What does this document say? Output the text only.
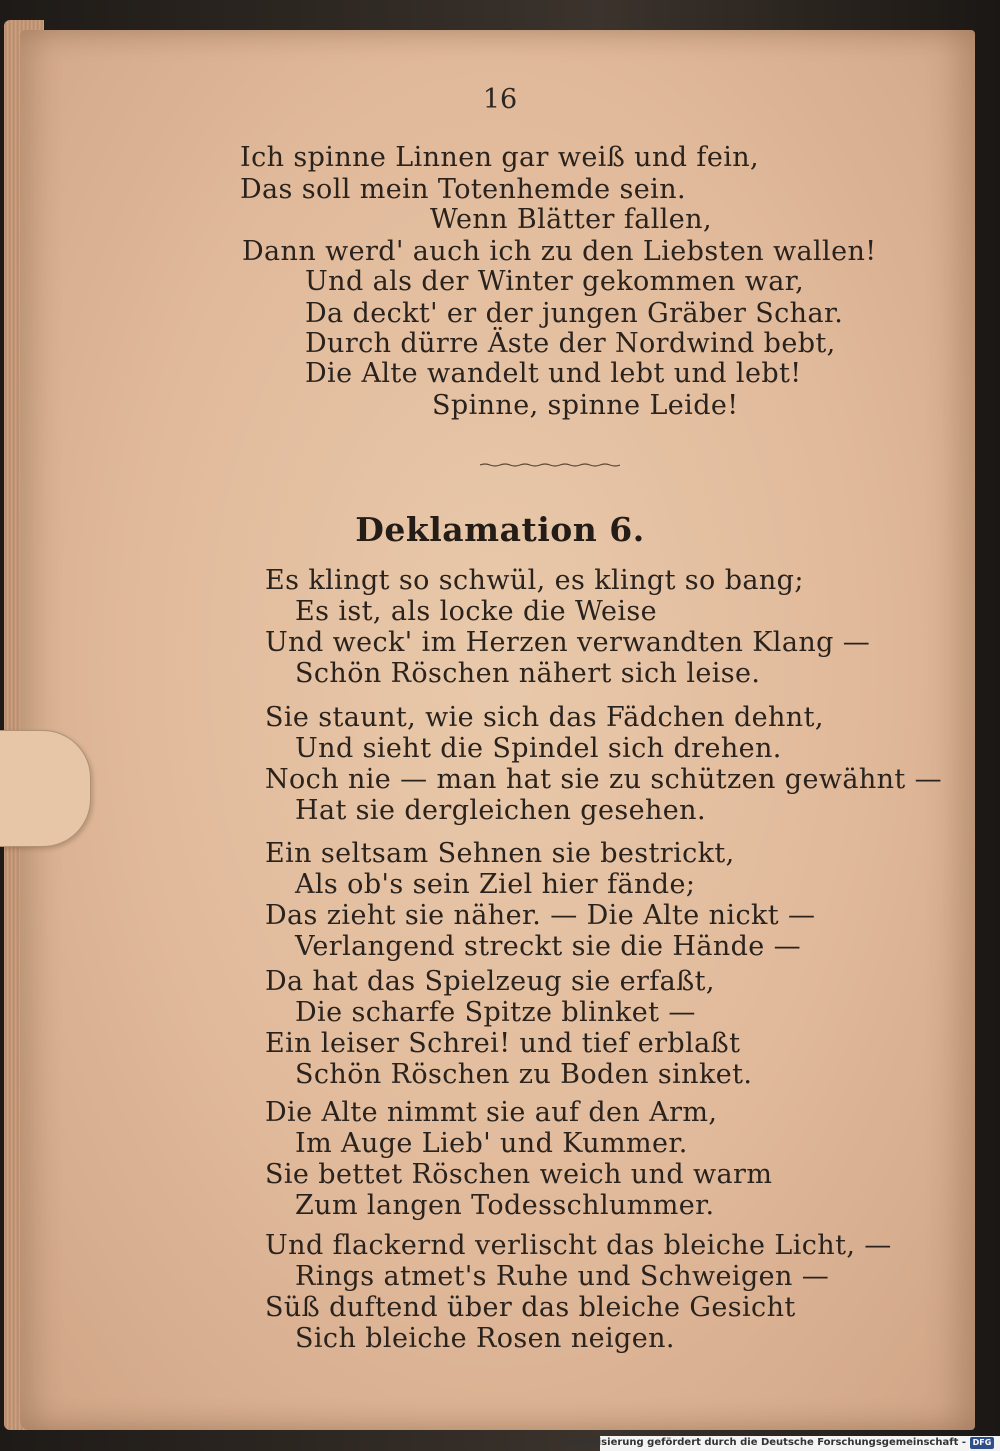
16
Ich spinne Linnen gar weiß und fein,
Das soll mein Totenhemde sein.
Wenn Blätter fallen,
Dann werd' auch ich zu den Liebsten wallen!
Und als der Winter gekommen war,
Da deckt' er der jungen Gräber Schar.
Durch dürre Äste der Nordwind bebt,
Die Alte wandelt und lebt und lebt!
Spinne, spinne Leide!
Deklamation 6.
Es klingt so schwül, es klingt so bang;
Es ist, als locke die Weise
Und weck' im Herzen verwandten Klang —
Schön Röschen nähert sich leise.
Sie staunt, wie sich das Fädchen dehnt,
Und sieht die Spindel sich drehen.
Noch nie — man hat sie zu schützen gewähnt —
Hat sie dergleichen gesehen.
Ein seltsam Sehnen sie bestrickt,
Als ob's sein Ziel hier fände;
Das zieht sie näher. — Die Alte nickt —
Verlangend streckt sie die Hände —
Da hat das Spielzeug sie erfaßt,
Die scharfe Spitze blinket —
Ein leiser Schrei! und tief erblaßt
Schön Röschen zu Boden sinket.
Die Alte nimmt sie auf den Arm,
Im Auge Lieb' und Kummer.
Sie bettet Röschen weich und warm
Zum langen Todesschlummer.
Und flackernd verlischt das bleiche Licht, —
Rings atmet's Ruhe und Schweigen —
Süß duftend über das bleiche Gesicht
Sich bleiche Rosen neigen.
Digitalisierung gefördert durch die Deutsche Forschungsgemeinschaft - DFG
